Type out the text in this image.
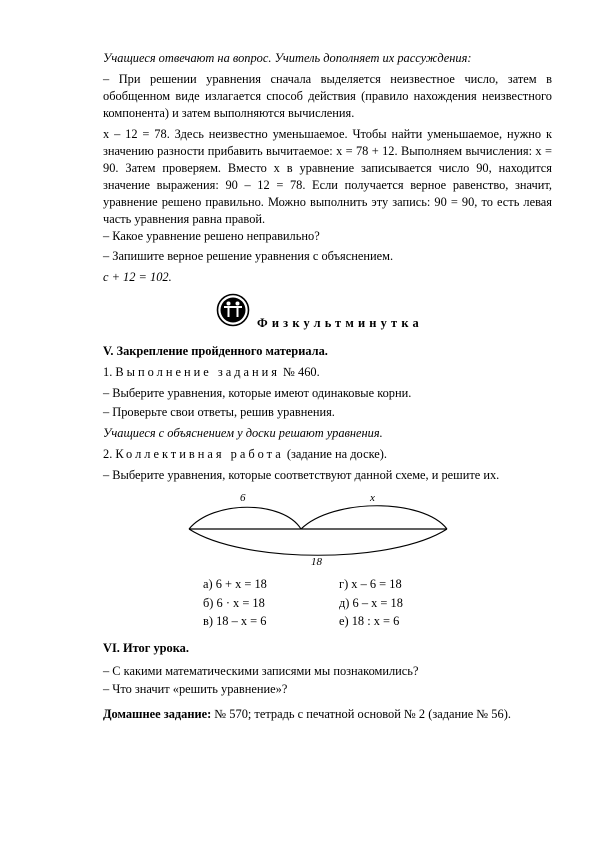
Учащиеся отвечают на вопрос. Учитель дополняет их рассуждения:

– При решении уравнения сначала выделяется неизвестное число, затем в обобщенном виде излагается способ действия (правило нахождения неизвестного компонента) и затем выполняются вычисления.

x – 12 = 78. Здесь неизвестно уменьшаемое. Чтобы найти уменьшаемое, нужно к значению разности прибавить вычитаемое: x = 78 + 12. Выполняем вычисления: x = 90. Затем проверяем. Вместо x в уравнение записывается число 90, находится значение выражения: 90 – 12 = 78. Если получается верное равенство, значит, уравнение решено правильно. Можно выполнить эту запись: 90 = 90, то есть левая часть уравнения равна правой.

– Какое уравнение решено неправильно?

– Запишите верное решение уравнения с объяснением.

c + 12 = 102.

Физкультминутка

V. Закрепление пройденного материала.

1. Выполнение задания № 460.

– Выберите уравнения, которые имеют одинаковые корни.

– Проверьте свои ответы, решив уравнения.

Учащиеся с объяснением у доски решают уравнения.

2. Коллективная работа (задание на доске).

– Выберите уравнения, которые соответствуют данной схеме, и решите их.

6	x
18
а) 6 + x = 18
б) 6 · x = 18
в) 18 – x = 6
г) x – 6 = 18
д) 6 – x = 18
е) 18 : x = 6

VI. Итог урока.

– С какими математическими записями мы познакомились?

– Что значит «решить уравнение»?

Домашнее задание: № 570; тетрадь с печатной основой № 2 (задание № 56).
